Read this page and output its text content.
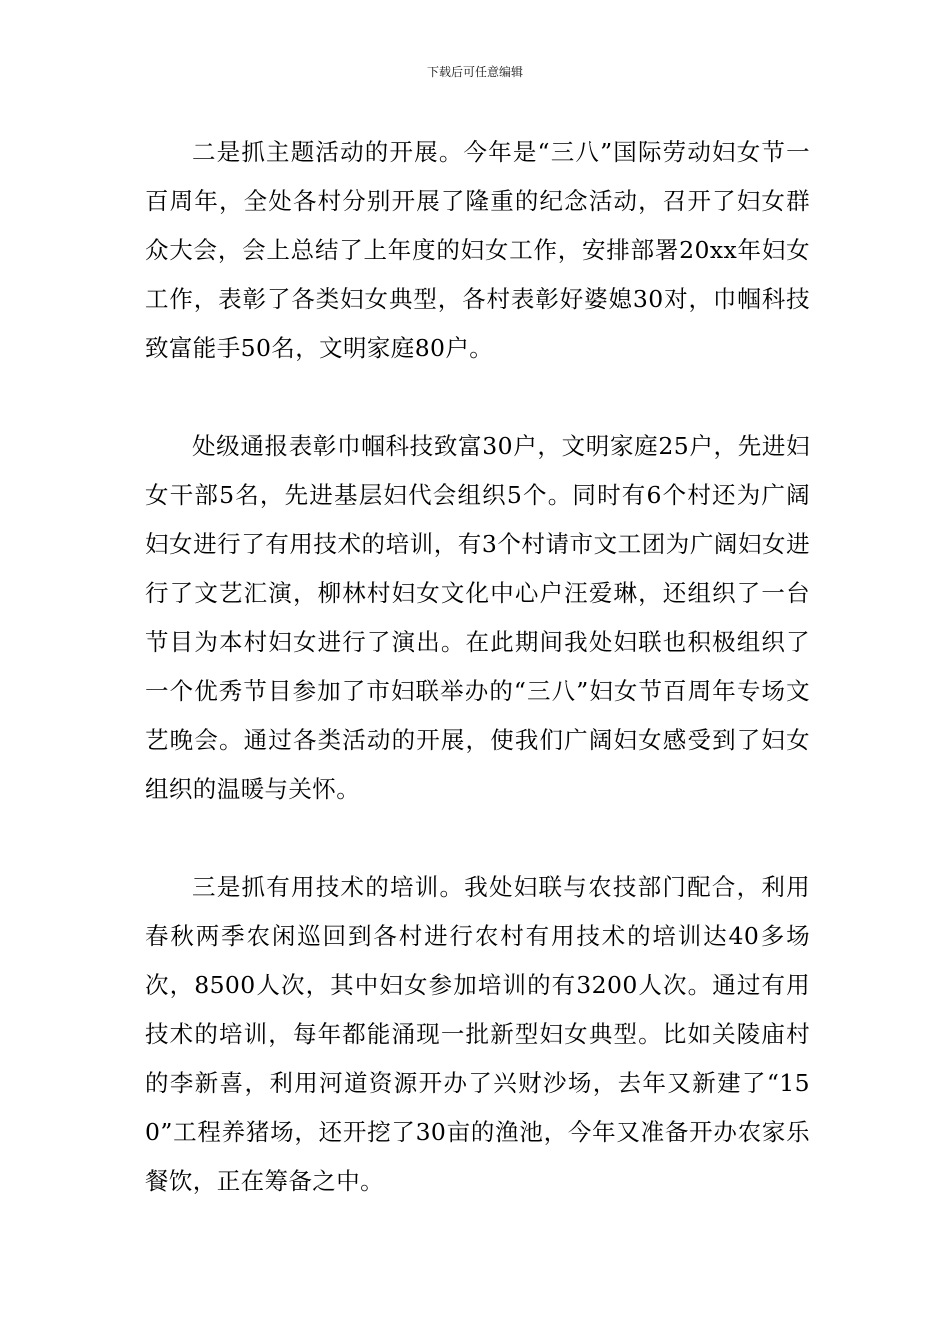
下载后可任意编辑

二是抓主题活动的开展。今年是“三八”国际劳动妇女节一百周年，全处各村分别开展了隆重的纪念活动，召开了妇女群众大会，会上总结了上年度的妇女工作，安排部署20xx年妇女工作，表彰了各类妇女典型，各村表彰好婆媳30对，巾帼科技致富能手50名，文明家庭80户。

处级通报表彰巾帼科技致富30户，文明家庭25户，先进妇女干部5名，先进基层妇代会组织5个。同时有6个村还为广阔妇女进行了有用技术的培训，有3个村请市文工团为广阔妇女进行了文艺汇演，柳林村妇女文化中心户汪爱琳，还组织了一台节目为本村妇女进行了演出。在此期间我处妇联也积极组织了一个优秀节目参加了市妇联举办的“三八”妇女节百周年专场文艺晚会。通过各类活动的开展，使我们广阔妇女感受到了妇女组织的温暖与关怀。

三是抓有用技术的培训。我处妇联与农技部门配合，利用春秋两季农闲巡回到各村进行农村有用技术的培训达40多场次，8500人次，其中妇女参加培训的有3200人次。通过有用技术的培训，每年都能涌现一批新型妇女典型。比如关陵庙村的李新喜，利用河道资源开办了兴财沙场，去年又新建了“150”工程养猪场，还开挖了30亩的渔池，今年又准备开办农家乐餐饮，正在筹备之中。
